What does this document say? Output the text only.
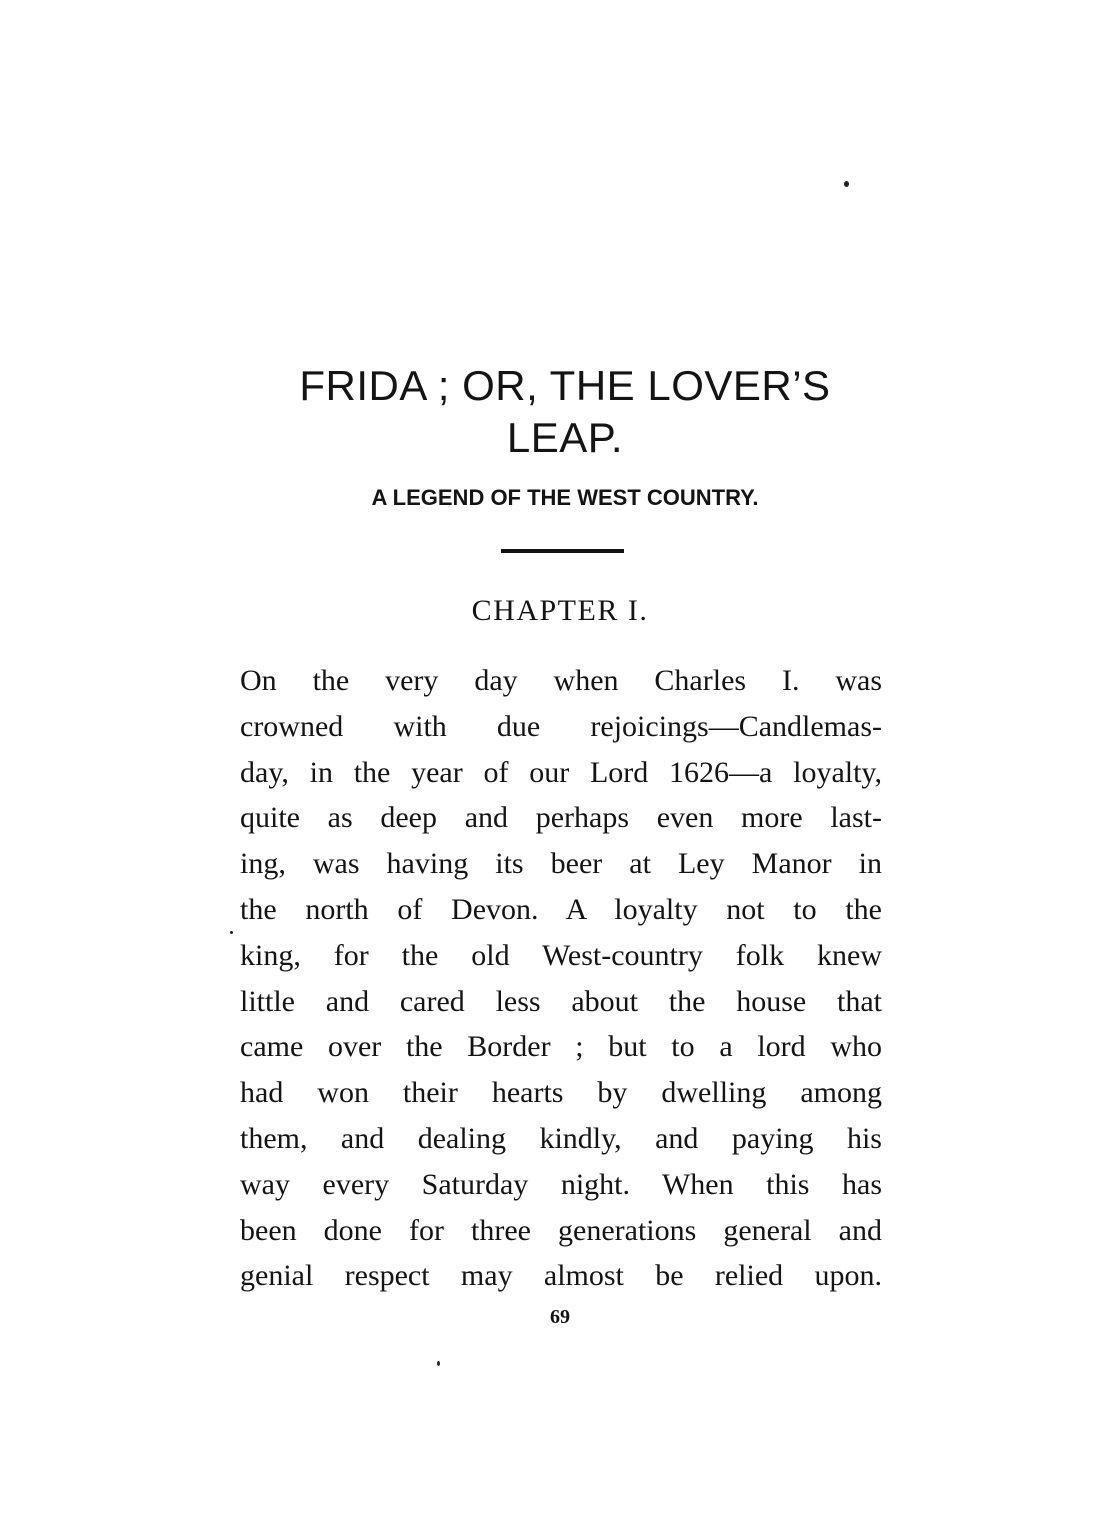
FRIDA ; OR, THE LOVER’S
LEAP.
A LEGEND OF THE WEST COUNTRY.
CHAPTER I.
On the very day when Charles I. was
crowned with due rejoicings—Candlemas-
day, in the year of our Lord 1626—a loyalty,
quite as deep and perhaps even more last-
ing, was having its beer at Ley Manor in
the north of Devon. A loyalty not to the
king, for the old West-country folk knew
little and cared less about the house that
came over the Border ; but to a lord who
had won their hearts by dwelling among
them, and dealing kindly, and paying his
way every Saturday night. When this has
been done for three generations general and
genial respect may almost be relied upon.
69
